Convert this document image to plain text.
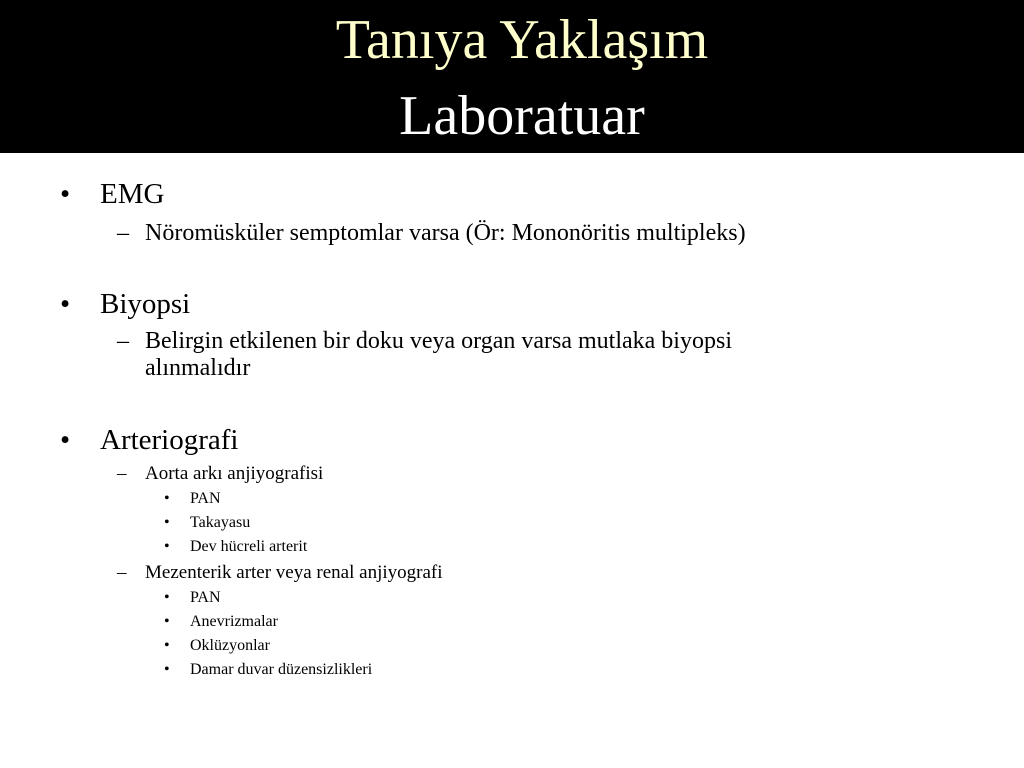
Tanıya Yaklaşım
Laboratuar
• EMG
– Nöromüsküler semptomlar varsa (Ör: Mononöritis multipleks)
• Biyopsi
– Belirgin etkilenen bir doku veya organ varsa mutlaka biyopsi
alınmalıdır
• Arteriografi
– Aorta arkı anjiyografisi
• PAN
• Takayasu
• Dev hücreli arterit
– Mezenterik arter veya renal anjiyografi
• PAN
• Anevrizmalar
• Oklüzyonlar
• Damar duvar düzensizlikleri
